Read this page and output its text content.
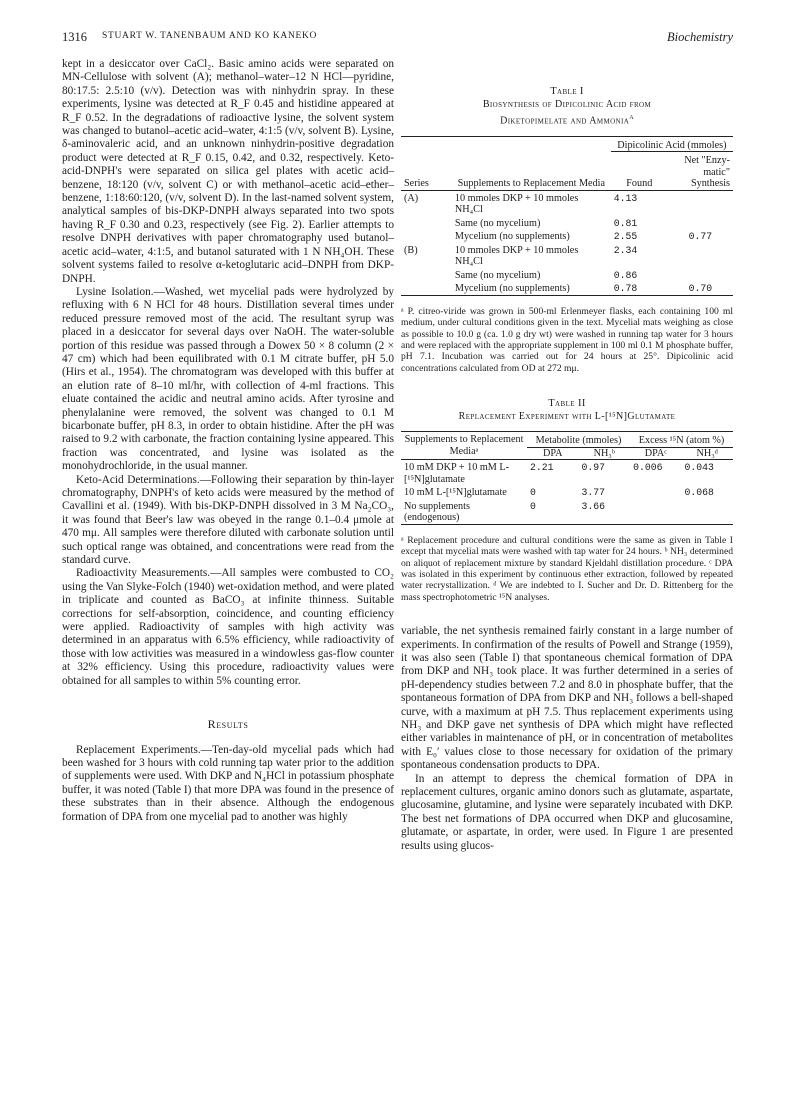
1316 STUART W. TANENBAUM AND KO KANEKO	Biochemistry

kept in a desiccator over CaCl₂. Basic amino acids were separated on MN-Cellulose with solvent (A); methanol–water–12 N HCl—pyridine, 80:17.5: 2.5:10 (v/v). Detection was with ninhydrin spray. In these experiments, lysine was detected at R_F 0.45 and histidine appeared at R_F 0.52. In the degradations of radioactive lysine, the solvent system was changed to butanol–acetic acid–water, 4:1:5 (v/v, solvent B). Lysine, δ-aminovaleric acid, and an unknown ninhydrin-positive degradation product were detected at R_F 0.15, 0.42, and 0.32, respectively. Keto-acid-DNPH's were separated on silica gel plates with acetic acid–benzene, 18:120 (v/v, solvent C) or with methanol–acetic acid–ether–benzene, 1:18:60:120, (v/v, solvent D). In the last-named solvent system, analytical samples of bis-DKP-DNPH always separated into two spots having R_F 0.30 and 0.23, respectively (see Fig. 2). Earlier attempts to resolve DNPH derivatives with paper chromatography used butanol–acetic acid–water, 4:1:5, and butanol saturated with 1 N NH₄OH. These solvent systems failed to resolve α-ketoglutaric acid–DNPH from DKP-DNPH.

Lysine Isolation.—Washed, wet mycelial pads were hydrolyzed by refluxing with 6 N HCl for 48 hours. Distillation several times under reduced pressure removed most of the acid. The resultant syrup was placed in a desiccator for several days over NaOH. The water-soluble portion of this residue was passed through a Dowex 50 × 8 column (2 × 47 cm) which had been equilibrated with 0.1 M citrate buffer, pH 5.0 (Hirs et al., 1954). The chromatogram was developed with this buffer at an elution rate of 8–10 ml/hr, with collection of 4-ml fractions. This eluate contained the acidic and neutral amino acids. After tyrosine and phenylalanine were removed, the solvent was changed to 0.1 M bicarbonate buffer, pH 8.3, in order to obtain histidine. After the pH was raised to 9.2 with carbonate, the fraction containing lysine appeared. This fraction was concentrated, and lysine was isolated as the monohydrochloride, in the usual manner.

Keto-Acid Determinations.—Following their separation by thin-layer chromatography, DNPH's of keto acids were measured by the method of Cavallini et al. (1949). With bis-DKP-DNPH dissolved in 3 M Na₂CO₃, it was found that Beer's law was obeyed in the range 0.1–0.4 μmole at 470 mμ. All samples were therefore diluted with carbonate solution until such optical range was obtained, and concentrations were read from the standard curve.

Radioactivity Measurements.—All samples were combusted to CO₂ using the Van Slyke-Folch (1940) wet-oxidation method, and were plated in triplicate and counted as BaCO₃ at infinite thinness. Suitable corrections for self-absorption, coincidence, and counting efficiency were applied. Radioactivity of samples with high activity was determined in an apparatus with 6.5% efficiency, while radioactivity of those with low activities was measured in a windowless gas-flow counter at 32% efficiency. Using this procedure, radioactivity values were obtained for all samples to within 5% counting error.

Results

Replacement Experiments.—Ten-day-old mycelial pads which had been washed for 3 hours with cold running tap water prior to the addition of supplements were used. With DKP and N₄HCl in potassium phosphate buffer, it was noted (Table I) that more DPA was found in the presence of these substrates than in their absence. Although the endogenous formation of DPA from one mycelial pad to another was highly

Table I
Biosynthesis of Dipicolinic Acid from
Diketopimelate and Ammonia$^a$
		Dipicolinic Acid (mmoles)	
Series	Supplements to Replacement Media	Found	Net "Enzy- matic" Synthesis
(A)	10 mmoles DKP + 10 mmoles NH₄Cl	4.13	
	Same (no mycelium)	0.81	
	Mycelium (no supplements)	2.55	0.77
(B)	10 mmoles DKP + 10 mmoles NH₄Cl	2.34	
	Same (no mycelium)	0.86	
	Mycelium (no supplements)	0.78	0.70
ᵃ P. citreo-viride was grown in 500-ml Erlenmeyer flasks, each containing 100 ml medium, under cultural conditions given in the text. Mycelial mats weighing as close as possible to 10.0 g (ca. 1.0 g dry wt) were washed in running tap water for 3 hours and were replaced with the appropriate supplement in 100 ml 0.1 M phosphate buffer, pH 7.1. Incubation was carried out for 24 hours at 25°. Dipicolinic acid concentrations calculated from OD at 272 mμ.
Table II
Replacement Experiment with L-[¹⁵N]Glutamate
Supplements to Replacement Mediaᵃ	Metabolite (mmoles)		Excess ¹⁵N (atom %)	
	DPA	NH₃ᵇ	DPAᶜ	NH₃ᵈ
10 mM DKP + 10 mM L-[¹⁵N]glutamate	2.21	0.97	0.006	0.043
10 mM L-[¹⁵N]glutamate	0	3.77		0.068
No supplements (endogenous)	0	3.66		
ᵃ Replacement procedure and cultural conditions were the same as given in Table I except that mycelial mats were washed with tap water for 24 hours. ᵇ NH₃ determined on aliquot of replacement mixture by standard Kjeldahl distillation procedure. ᶜ DPA was isolated in this experiment by continuous ether extraction, followed by repeated water recrystallization. ᵈ We are indebted to I. Sucher and Dr. D. Rittenberg for the mass spectrophotometric ¹⁵N analyses.

variable, the net synthesis remained fairly constant in a large number of experiments. In confirmation of the results of Powell and Strange (1959), it was also seen (Table I) that spontaneous chemical formation of DPA from DKP and NH₃ took place. It was further determined in a series of pH-dependency studies between 7.2 and 8.0 in phosphate buffer, that the spontaneous formation of DPA from DKP and NH₃ follows a bell-shaped curve, with a maximum at pH 7.5. Thus replacement experiments using NH₃ and DKP gave net synthesis of DPA which might have reflected either variables in maintenance of pH, or in concentration of metabolites with E₀′ values close to those necessary for oxidation of the primary spontaneous condensation products to DPA.

In an attempt to depress the chemical formation of DPA in replacement cultures, organic amino donors such as glutamate, aspartate, glucosamine, glutamine, and lysine were separately incubated with DKP. The best net formations of DPA occurred when DKP and glucosamine, glutamate, or aspartate, in order, were used. In Figure 1 are presented results using glucos-
